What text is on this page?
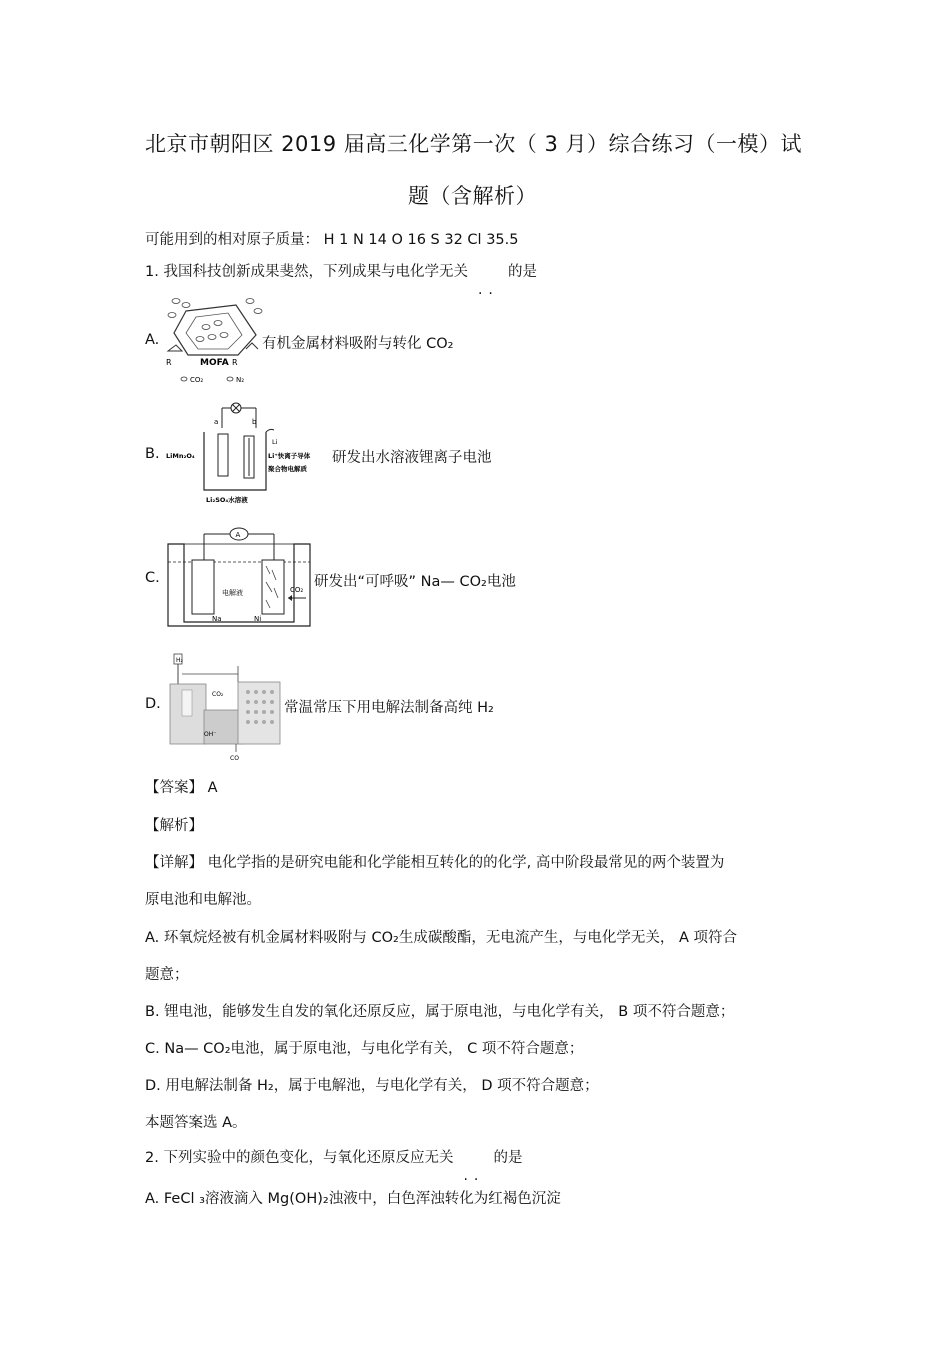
北京市朝阳区 2019 届高三化学第一次（ 3 月）综合练习（一模）试
题（含解析）
可能用到的相对原子质量： H 1 N 14 O 16 S 32 Cl 35.5
1. 我国科技创新成果斐然，下列成果与电化学无关
..
的是
A.
R	MOFA R
CO₂	N₂
有机金属材料吸附与转化 CO₂
B.
a	b
LiMn₂O₄
Li
Li⁺快离子导体
聚合物电解质
Li₂SO₄水溶液
研发出水溶液锂离子电池
C.
A
电解液
Na	Ni
CO₂ 研发出“可呼吸” Na— CO₂电池
D.
H₂
CO₂
OH⁻
CO
常温常压下用电解法制备高纯 H₂
【答案】 A
【解析】
【详解】 电化学指的是研究电能和化学能相互转化的的化学, 高中阶段最常见的两个装置为
原电池和电解池。
A. 环氧烷烃被有机金属材料吸附与 CO₂生成碳酸酯，无电流产生，与电化学无关， A 项符合
题意；
B. 锂电池，能够发生自发的氧化还原反应，属于原电池，与电化学有关， B 项不符合题意；
C. Na— CO₂电池，属于原电池，与电化学有关， C 项不符合题意；
D. 用电解法制备 H₂，属于电解池，与电化学有关， D 项不符合题意；
本题答案选 A。
2. 下列实验中的颜色变化，与氧化还原反应无关
..
的是
A. FeCl ₃溶液滴入 Mg(OH)₂浊液中，白色浑浊转化为红褐色沉淀
